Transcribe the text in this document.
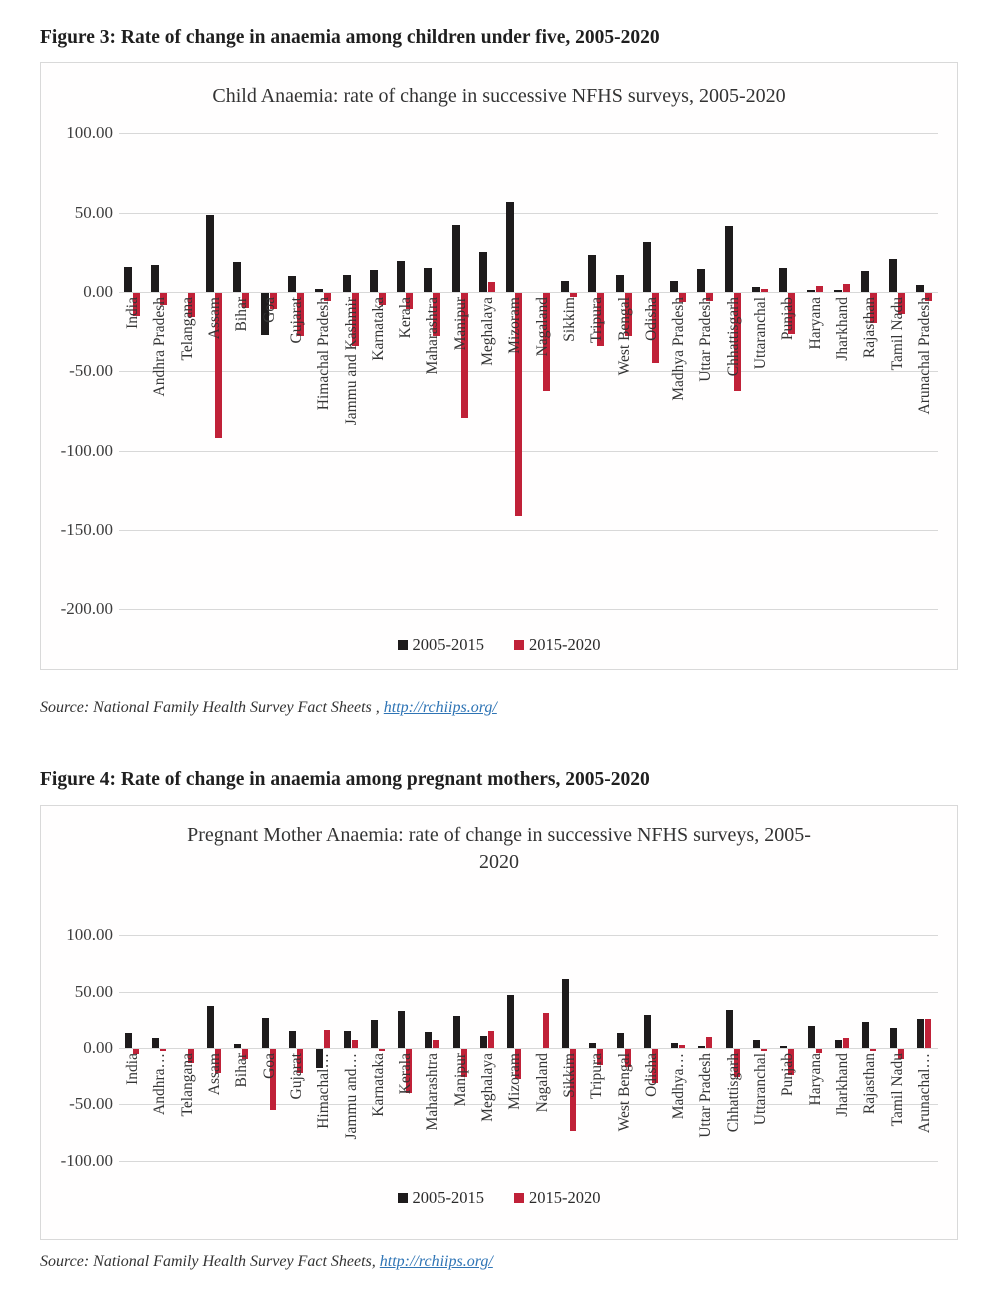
Figure 3: Rate of change in anaemia among children under five, 2005-2020
Child Anaemia: rate of change in successive NFHS surveys, 2005-2020
2005-2015	2015-2020
100.00
50.00
0.00
-50.00
-100.00
-150.00
-200.00
India Andhra Pradesh Telangana Assam Bihar Goa Gujarat Himachal Pradesh Jammu and Kashmir Karnataka Kerala Maharashtra Manipur Meghalaya Mizoram Nagaland Sikkim Tripura West Bengal Odisha Madhya Pradesh Uttar Pradesh Chhattisgarh Uttaranchal Punjab Haryana Jharkhand Rajasthan Tamil Nadu Arunachal Pradesh
Source: National Family Health Survey Fact Sheets , http://rchiips.org/
Figure 4: Rate of change in anaemia among pregnant mothers, 2005-2020
Pregnant Mother Anaemia: rate of change in successive NFHS surveys, 2005-2020
2005-2015	2015-2020
100.00
50.00
0.00
-50.00
-100.00
India Andhra… Telangana Assam Bihar Goa Gujarat Himachal… Jammu and… Karnataka Kerala Maharashtra Manipur Meghalaya Mizoram Nagaland Sikkim Tripura West Bengal Odisha Madhya… Uttar Pradesh Chhattisgarh Uttaranchal Punjab Haryana Jharkhand Rajasthan Tamil Nadu Arunachal…
Source: National Family Health Survey Fact Sheets, http://rchiips.org/
